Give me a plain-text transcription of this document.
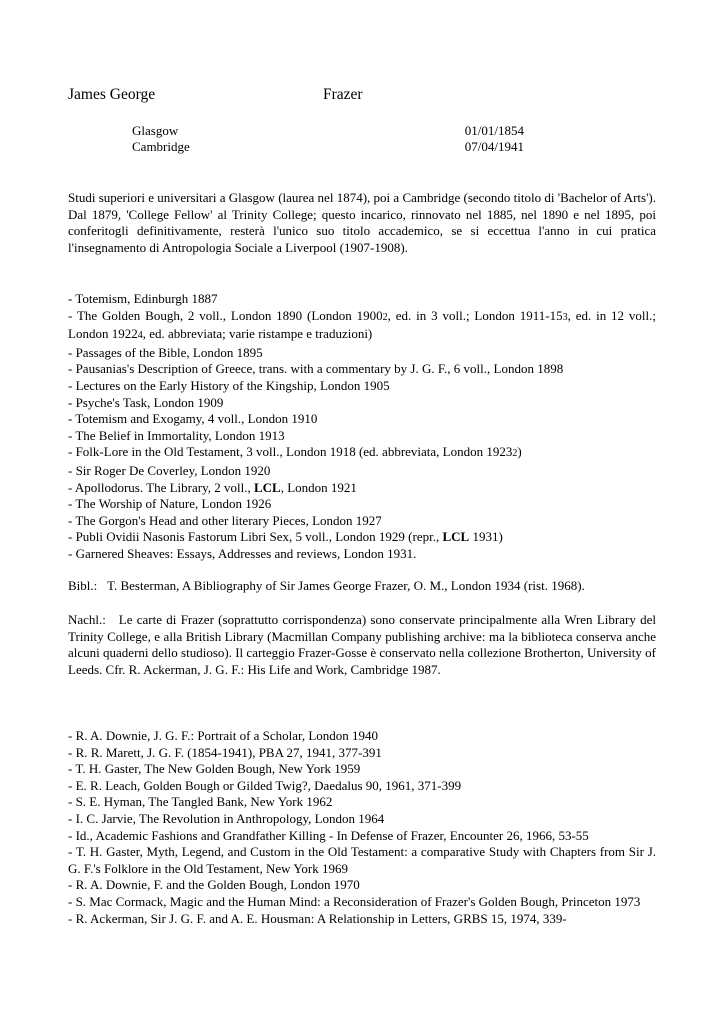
James George	Frazer
Glasgow	01/01/1854
Cambridge	07/04/1941
Studi superiori e universitari a Glasgow (laurea nel 1874), poi a Cambridge (secondo titolo di 'Bachelor of Arts'). Dal 1879, 'College Fellow' al Trinity College; questo incarico, rinnovato nel 1885, nel 1890 e nel 1895, poi conferitogli definitivamente, resterà l'unico suo titolo accademico, se si eccettua l'anno in cui pratica l'insegnamento di Antropologia Sociale a Liverpool (1907-1908).
- Totemism, Edinburgh 1887
- The Golden Bough, 2 voll., London 1890 (London 19002, ed. in 3 voll.; London 1911-153, ed. in 12 voll.; London 19224, ed. abbreviata; varie ristampe e traduzioni)
- Passages of the Bible, London 1895
- Pausanias's Description of Greece, trans. with a commentary by J. G. F., 6 voll., London 1898
- Lectures on the Early History of the Kingship, London 1905
- Psyche's Task, London 1909
- Totemism and Exogamy, 4 voll., London 1910
- The Belief in Immortality, London 1913
- Folk-Lore in the Old Testament, 3 voll., London 1918 (ed. abbreviata, London 19232)
- Sir Roger De Coverley, London 1920
- Apollodorus. The Library, 2 voll., LCL, London 1921
- The Worship of Nature, London 1926
- The Gorgon's Head and other literary Pieces, London 1927
- Publi Ovidii Nasonis Fastorum Libri Sex, 5 voll., London 1929 (repr., LCL 1931)
- Garnered Sheaves: Essays, Addresses and reviews, London 1931.
Bibl.: T. Besterman, A Bibliography of Sir James George Frazer, O. M., London 1934 (rist. 1968).
Nachl.: Le carte di Frazer (soprattutto corrispondenza) sono conservate principalmente alla Wren Library del Trinity College, e alla British Library (Macmillan Company publishing archive: ma la biblioteca conserva anche alcuni quaderni dello studioso). Il carteggio Frazer-Gosse è conservato nella collezione Brotherton, University of Leeds. Cfr. R. Ackerman, J. G. F.: His Life and Work, Cambridge 1987.
- R. A. Downie, J. G. F.: Portrait of a Scholar, London 1940
- R. R. Marett, J. G. F. (1854-1941), PBA 27, 1941, 377-391
- T. H. Gaster, The New Golden Bough, New York 1959
- E. R. Leach, Golden Bough or Gilded Twig?, Daedalus 90, 1961, 371-399
- S. E. Hyman, The Tangled Bank, New York 1962
- I. C. Jarvie, The Revolution in Anthropology, London 1964
- Id., Academic Fashions and Grandfather Killing - In Defense of Frazer, Encounter 26, 1966, 53-55
- T. H. Gaster, Myth, Legend, and Custom in the Old Testament: a comparative Study with Chapters from Sir J. G. F.'s Folklore in the Old Testament, New York 1969
- R. A. Downie, F. and the Golden Bough, London 1970
- S. Mac Cormack, Magic and the Human Mind: a Reconsideration of Frazer's Golden Bough, Princeton 1973
- R. Ackerman, Sir J. G. F. and A. E. Housman: A Relationship in Letters, GRBS 15, 1974, 339-
